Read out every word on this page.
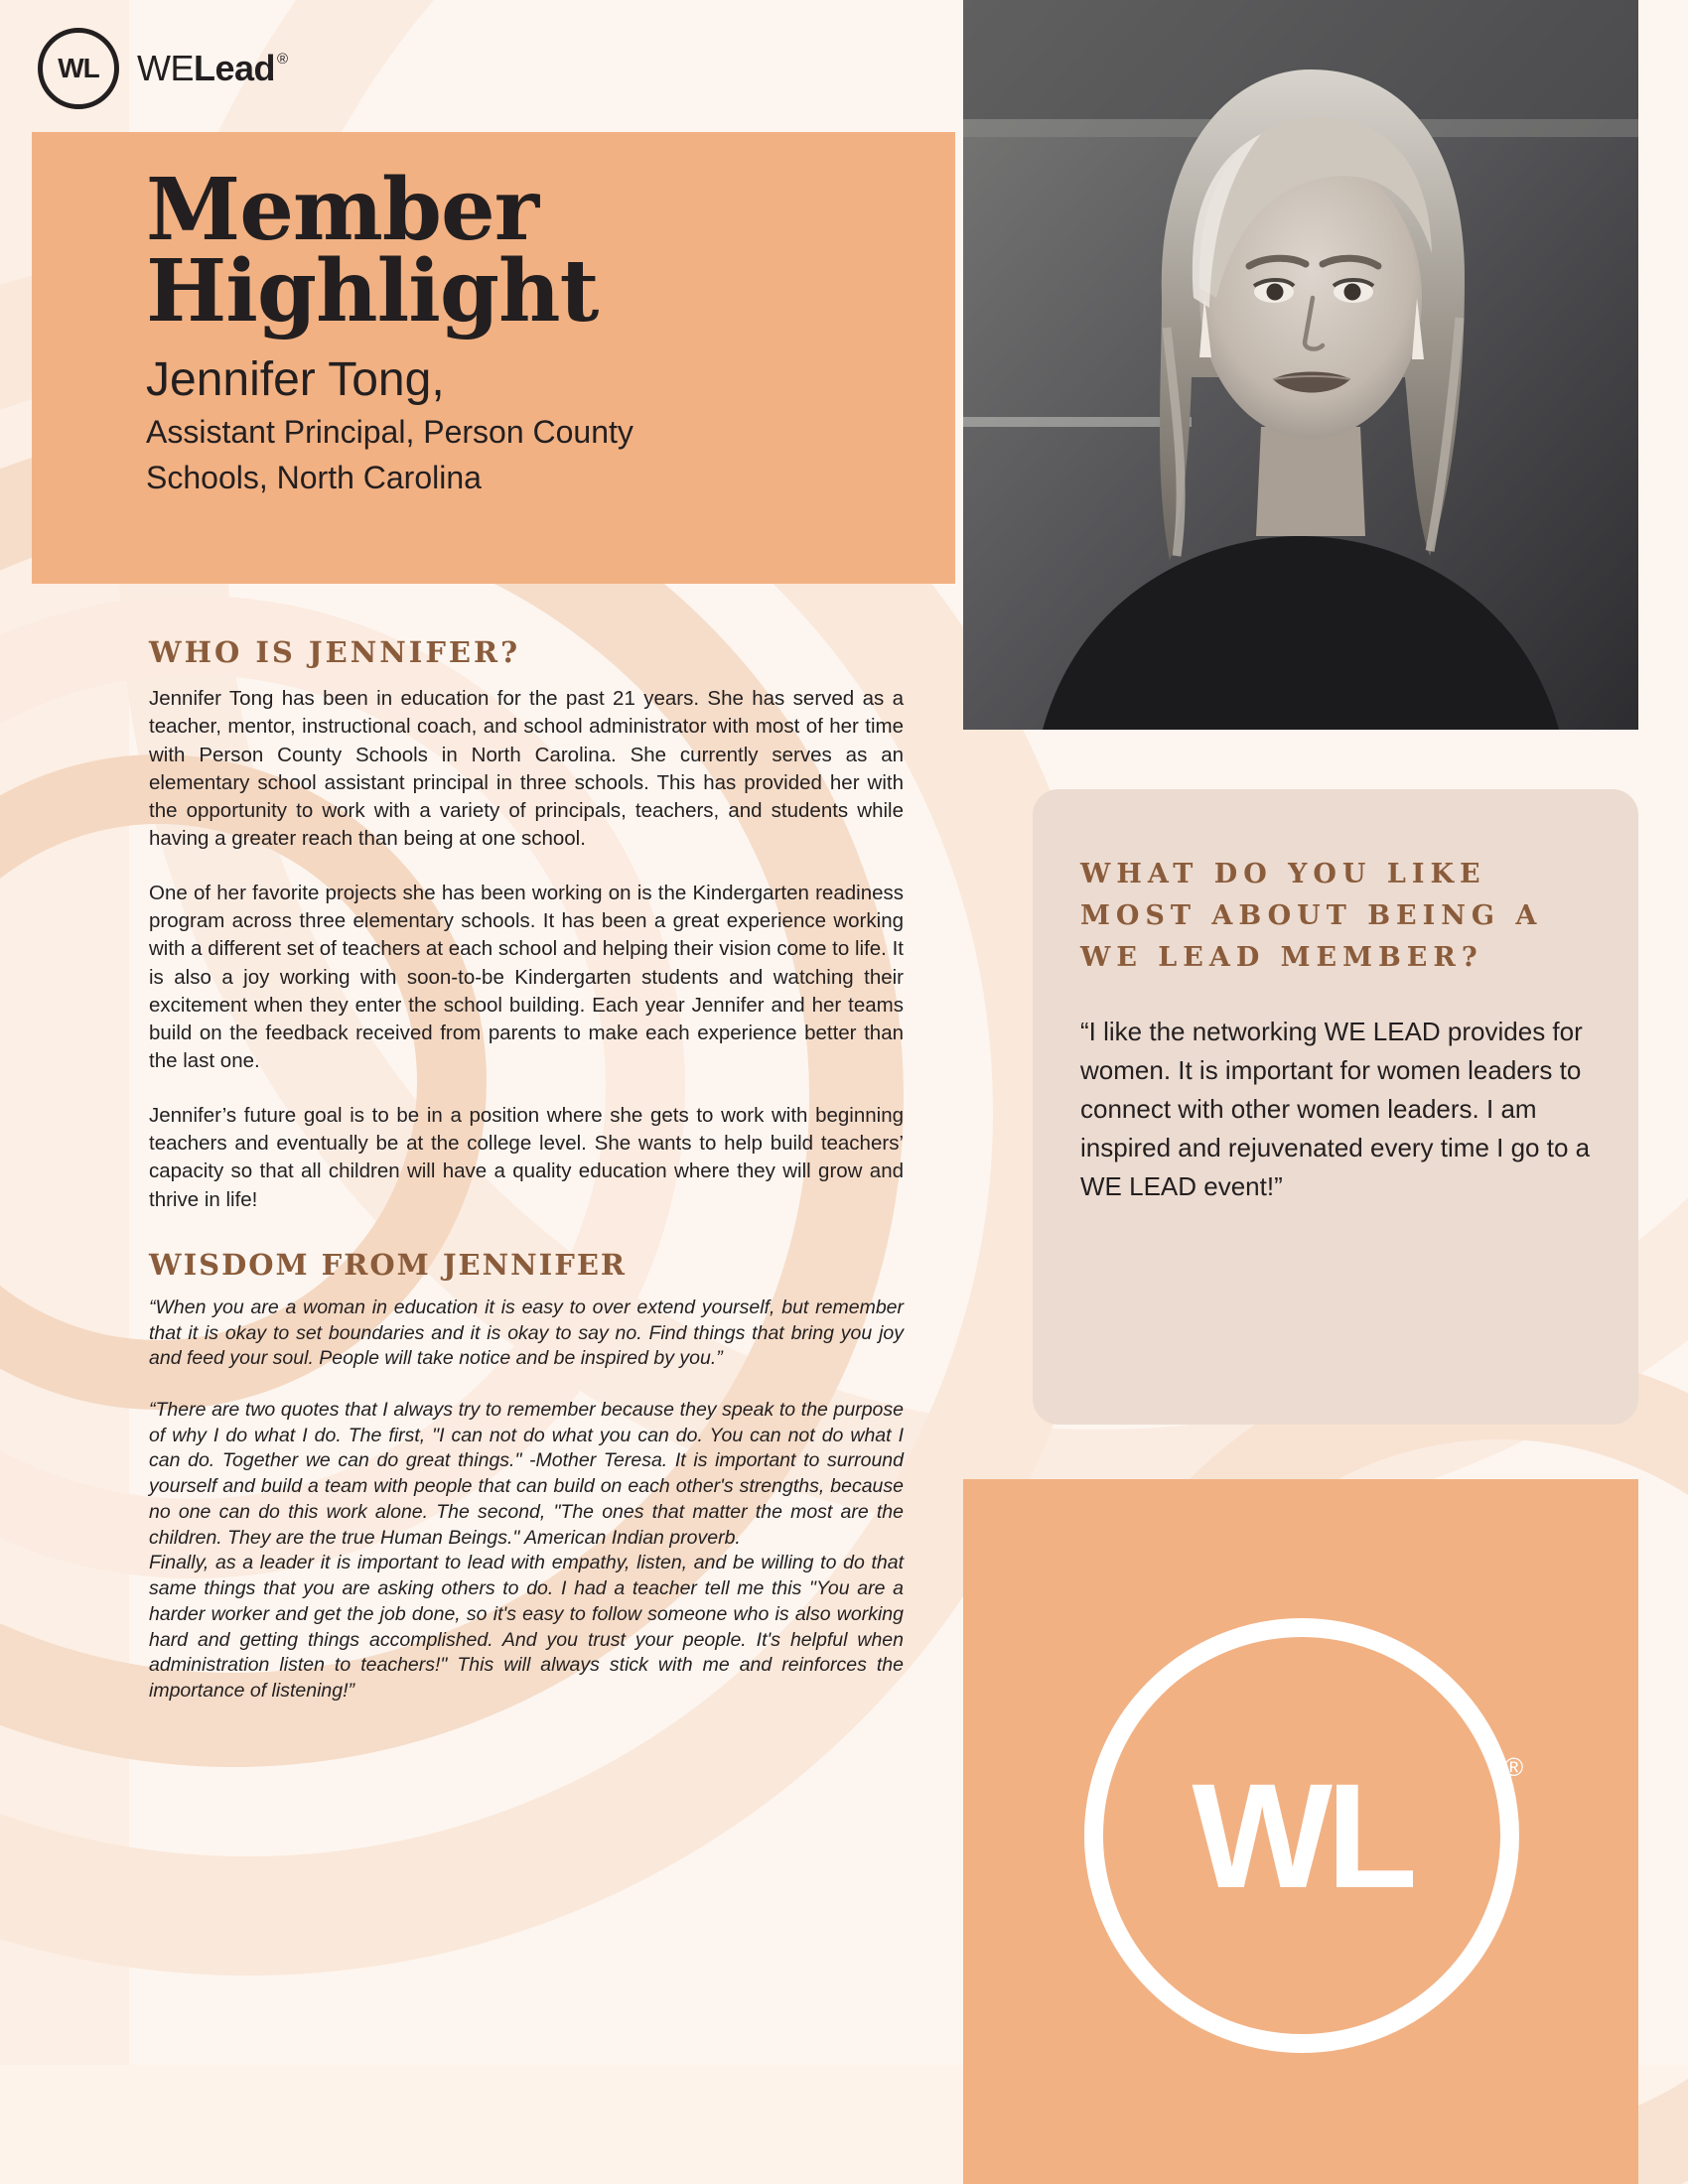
WL WE Lead ®
Member
Highlight
Jennifer Tong,
Assistant Principal, Person County
Schools, North Carolina
WHO IS JENNIFER?

Jennifer Tong has been in education for the past 21 years. She has served as a teacher, mentor, instructional coach, and school administrator with most of her time with Person County Schools in North Carolina. She currently serves as an elementary school assistant principal in three schools. This has provided her with the opportunity to work with a variety of principals, teachers, and students while having a greater reach than being at one school.

One of her favorite projects she has been working on is the Kindergarten readiness program across three elementary schools. It has been a great experience working with a different set of teachers at each school and helping their vision come to life. It is also a joy working with soon-to-be Kindergarten students and watching their excitement when they enter the school building. Each year Jennifer and her teams build on the feedback received from parents to make each experience better than the last one.

Jennifer’s future goal is to be in a position where she gets to work with beginning teachers and eventually be at the college level. She wants to help build teachers’ capacity so that all children will have a quality education where they will grow and thrive in life!

WISDOM FROM JENNIFER

“When you are a woman in education it is easy to over extend yourself, but remember that it is okay to set boundaries and it is okay to say no. Find things that bring you joy and feed your soul. People will take notice and be inspired by you.”

“There are two quotes that I always try to remember because they speak to the purpose of why I do what I do. The first, "I can not do what you can do. You can not do what I can do. Together we can do great things." -Mother Teresa. It is important to surround yourself and build a team with people that can build on each other's strengths, because no one can do this work alone. The second, "The ones that matter the most are the children. They are the true Human Beings." American Indian proverb.

Finally, as a leader it is important to lead with empathy, listen, and be willing to do that same things that you are asking others to do. I had a teacher tell me this "You are a harder worker and get the job done, so it's easy to follow someone who is also working hard and getting things accomplished. And you trust your people. It's helpful when administration listen to teachers!" This will always stick with me and reinforces the importance of listening!”

WHAT DO YOU LIKE MOST ABOUT BEING A WE LEAD MEMBER?

“I like the networking WE LEAD provides for women. It is important for women leaders to connect with other women leaders. I am inspired and rejuvenated every time I go to a WE LEAD event!”

WL	®
